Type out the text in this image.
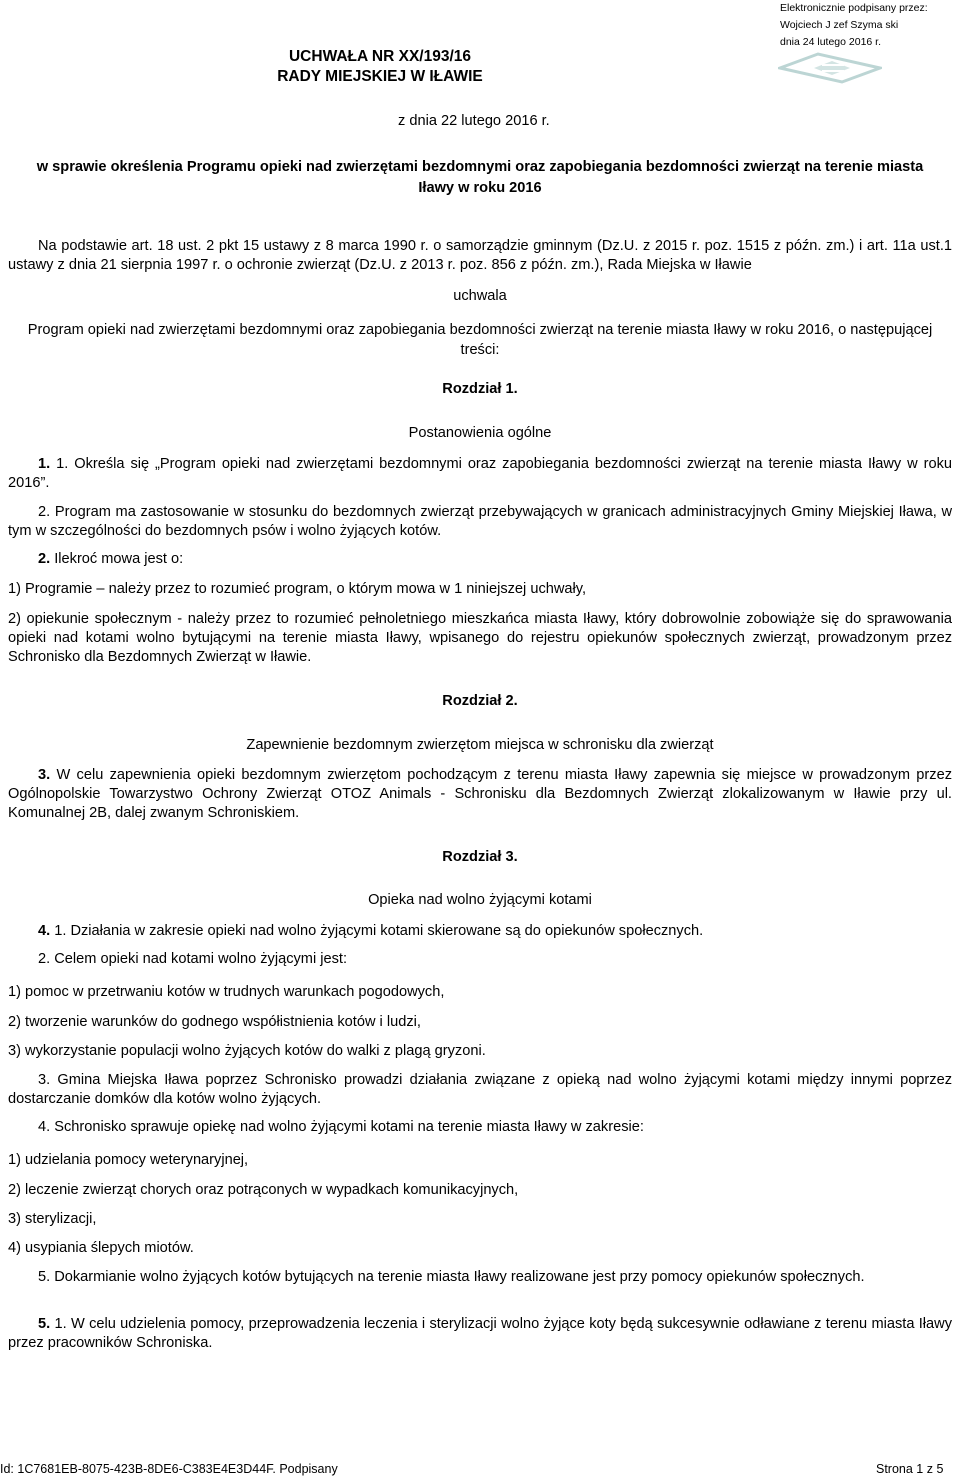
Elektronicznie podpisany przez:
Wojciech J zef Szyma ski
dnia 24 lutego 2016 r.
UCHWAŁA NR XX/193/16
RADY MIEJSKIEJ W IŁAWIE
z dnia 22 lutego 2016 r.
w sprawie określenia Programu opieki nad zwierzętami bezdomnymi oraz zapobiegania bezdomności zwierząt na terenie miasta Iławy w roku 2016
Na podstawie art. 18 ust. 2 pkt 15 ustawy z 8 marca 1990 r. o samorządzie gminnym (Dz.U. z 2015 r. poz. 1515 z późn. zm.) i art. 11a ust.1 ustawy z dnia 21 sierpnia 1997 r. o ochronie zwierząt (Dz.U. z 2013 r. poz. 856 z późn. zm.), Rada Miejska w Iławie
uchwala
Program opieki nad zwierzętami bezdomnymi oraz zapobiegania bezdomności zwierząt na terenie miasta Iławy w roku 2016, o następującej treści:
Rozdział 1.
Postanowienia ogólne
1. 1. Określa się „Program opieki nad zwierzętami bezdomnymi oraz zapobiegania bezdomności zwierząt na terenie miasta Iławy w roku 2016”.
2. Program ma zastosowanie w stosunku do bezdomnych zwierząt przebywających w granicach administracyjnych Gminy Miejskiej Iława, w tym w szczególności do bezdomnych psów i wolno żyjących kotów.
2. Ilekroć mowa jest o:
1) Programie – należy przez to rozumieć program, o którym mowa w 1 niniejszej uchwały,
2) opiekunie społecznym - należy przez to rozumieć pełnoletniego mieszkańca miasta Iławy, który dobrowolnie zobowiąże się do sprawowania opieki nad kotami wolno bytującymi na terenie miasta Iławy, wpisanego do rejestru opiekunów społecznych zwierząt, prowadzonym przez Schronisko dla Bezdomnych Zwierząt w Iławie.
Rozdział 2.
Zapewnienie bezdomnym zwierzętom miejsca w schronisku dla zwierząt
3. W celu zapewnienia opieki bezdomnym zwierzętom pochodzącym z terenu miasta Iławy zapewnia się miejsce w prowadzonym przez Ogólnopolskie Towarzystwo Ochrony Zwierząt OTOZ Animals - Schronisku dla Bezdomnych Zwierząt zlokalizowanym w Iławie przy ul. Komunalnej 2B, dalej zwanym Schroniskiem.
Rozdział 3.
Opieka nad wolno żyjącymi kotami
4. 1. Działania w zakresie opieki nad wolno żyjącymi kotami skierowane są do opiekunów społecznych.
2. Celem opieki nad kotami wolno żyjącymi jest:
1) pomoc w przetrwaniu kotów w trudnych warunkach pogodowych,
2) tworzenie warunków do godnego współistnienia kotów i ludzi,
3) wykorzystanie populacji wolno żyjących kotów do walki z plagą gryzoni.
3. Gmina Miejska Iława poprzez Schronisko prowadzi działania związane z opieką nad wolno żyjącymi kotami między innymi poprzez dostarczanie domków dla kotów wolno żyjących.
4. Schronisko sprawuje opiekę nad wolno żyjącymi kotami na terenie miasta Iławy w zakresie:
1) udzielania pomocy weterynaryjnej,
2) leczenie zwierząt chorych oraz potrąconych w wypadkach komunikacyjnych,
3) sterylizacji,
4) usypiania ślepych miotów.
5. Dokarmianie wolno żyjących kotów bytujących na terenie miasta Iławy realizowane jest przy pomocy opiekunów społecznych.
5. 1. W celu udzielenia pomocy, przeprowadzenia leczenia i sterylizacji wolno żyjące koty będą sukcesywnie odławiane z terenu miasta Iławy przez pracowników Schroniska.
Id: 1C7681EB-8075-423B-8DE6-C383E4E3D44F. Podpisany	Strona 1 z 5
